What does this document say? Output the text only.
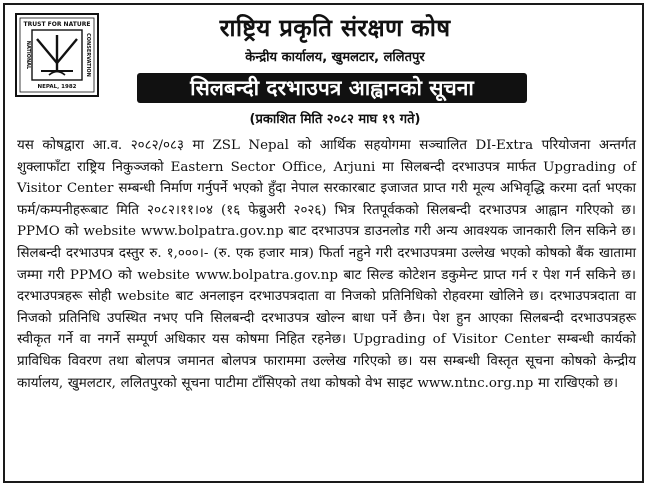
TRUST FOR NATURE
NEPAL, 1982
NATIONAL	CONSERVATION
राष्ट्रिय प्रकृति संरक्षण कोष
केन्द्रीय कार्यालय, खुमलटार, ललितपुर
सिलबन्दी दरभाउपत्र आह्वानको सूचना
(प्रकाशित मिति २०८२ माघ १९ गते)

यस कोषद्वारा आ.व. २०८२/०८३ मा ZSL Nepal को आर्थिक सहयोगमा सञ्चालित DI-Extra परियोजना अन्तर्गत शुक्लाफाँटा राष्ट्रिय निकुञ्जको Eastern Sector Office, Arjuni मा सिलबन्दी दरभाउपत्र मार्फत Upgrading of Visitor Center सम्बन्धी निर्माण गर्नुपर्ने भएको हुँदा नेपाल सरकारबाट इजाजत प्राप्त गरी मूल्य अभिवृद्धि करमा दर्ता भएका फर्म/कम्पनीहरूबाट मिति २०८२।११।०४ (१६ फेब्रुअरी २०२६) भित्र रितपूर्वकको सिलबन्दी दरभाउपत्र आह्वान गरिएको छ। PPMO को website www.bolpatra.gov.np बाट दरभाउपत्र डाउनलोड गरी अन्य आवश्यक जानकारी लिन सकिने छ। सिलबन्दी दरभाउपत्र दस्तुर रु. १,०००।- (रु. एक हजार मात्र) फिर्ता नहुने गरी दरभाउपत्रमा उल्लेख भएको कोषको बैंक खातामा जम्मा गरी PPMO को website www.bolpatra.gov.np बाट सिल्ड कोटेशन डकुमेन्ट प्राप्त गर्न र पेश गर्न सकिने छ। दरभाउपत्रहरू सोही website बाट अनलाइन दरभाउपत्रदाता वा निजको प्रतिनिधिको रोहवरमा खोलिने छ। दरभाउपत्रदाता वा निजको प्रतिनिधि उपस्थित नभए पनि सिलबन्दी दरभाउपत्र खोल्न बाधा पर्ने छैन। पेश हुन आएका सिलबन्दी दरभाउपत्रहरू स्वीकृत गर्ने वा नगर्ने सम्पूर्ण अधिकार यस कोषमा निहित रहनेछ। Upgrading of Visitor Center सम्बन्धी कार्यको प्राविधिक विवरण तथा बोलपत्र जमानत बोलपत्र फाराममा उल्लेख गरिएको छ। यस सम्बन्धी विस्तृत सूचना कोषको केन्द्रीय कार्यालय, खुमलटार, ललितपुरको सूचना पाटीमा टाँसिएको तथा कोषको वेभ साइट www.ntnc.org.np मा राखिएको छ।
